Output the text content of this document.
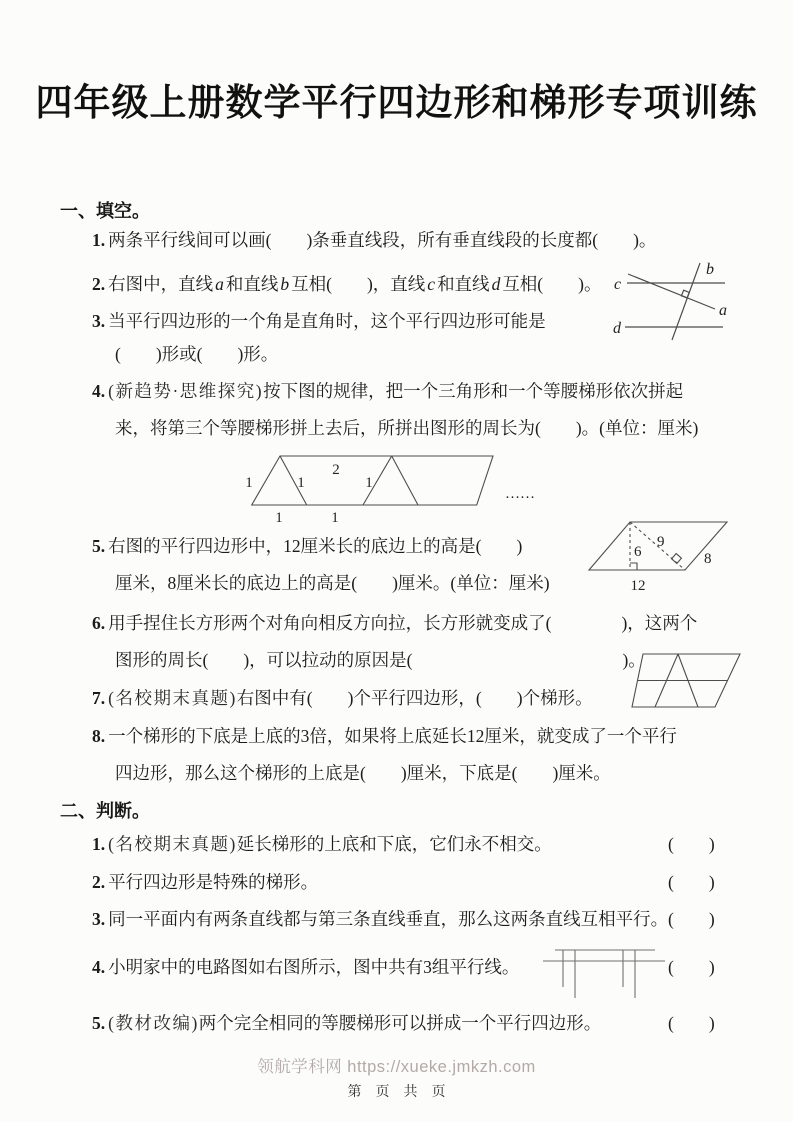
四年级上册数学平行四边形和梯形专项训练
一、填空。
1. 两条平行线间可以画(　　)条垂直线段，所有垂直线段的长度都(　　)。
2. 右图中，直线 a 和直线 b 互相(　　)，直线 c 和直线 d 互相(　　)。
3. 当平行四边形的一个角是直角时，这个平行四边形可能是
(　　)形或(　　)形。
4. (新趋势·思维探究)按下图的规律，把一个三角形和一个等腰梯形依次拼起
来，将第三个等腰梯形拼上去后，所拼出图形的周长为(　　)。(单位：厘米)
5. 右图的平行四边形中，12厘米长的底边上的高是(　　)
厘米，8厘米长的底边上的高是(　　)厘米。(单位：厘米)
6. 用手捏住长方形两个对角向相反方向拉，长方形就变成了(　　　　)，这两个
图形的周长(　　)，可以拉动的原因是(　　　　　　　　　　　　)。
7. (名校期末真题)右图中有(　　)个平行四边形，(　　)个梯形。
8. 一个梯形的下底是上底的3倍，如果将上底延长12厘米，就变成了一个平行
四边形，那么这个梯形的上底是(　　)厘米，下底是(　　)厘米。
二、判断。
1. (名校期末真题)延长梯形的上底和下底，它们永不相交。	(　　)
2. 平行四边形是特殊的梯形。	(　　)
3. 同一平面内有两条直线都与第三条直线垂直，那么这两条直线互相平行。 (　　)
4. 小明家中的电路图如右图所示，图中共有3组平行线。	(　　)
5. (教材改编)两个完全相同的等腰梯形可以拼成一个平行四边形。	(　　)
c
b
a
d
1	1
2
1
1	1
……
6
9
8
12
领航学科网 https://xueke.jmkzh.com
第　页　共　页
